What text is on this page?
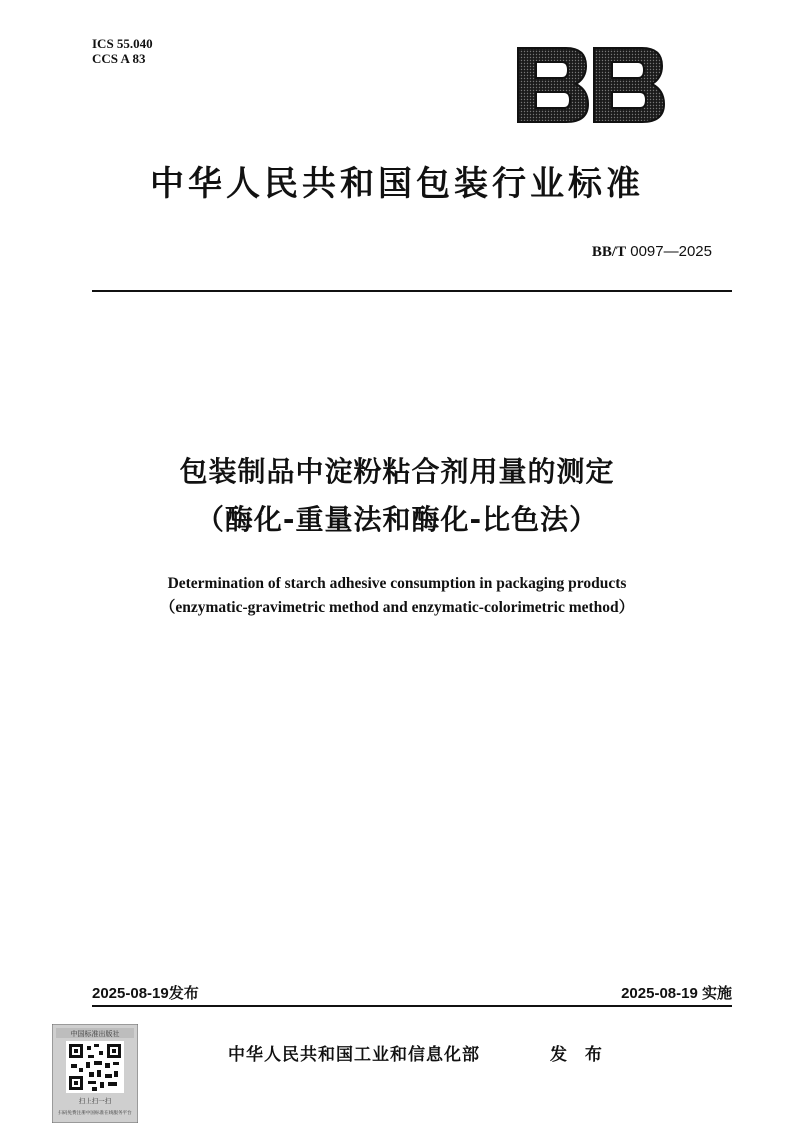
ICS 55.040
CCS A 83
中华人民共和国包装行业标准
BB/T 0097—2025
包装制品中淀粉粘合剂用量的测定
（酶化-重量法和酶化-比色法）
Determination of starch adhesive consumption in packaging products
（enzymatic-gravimetric method and enzymatic-colorimetric method）
2025-08-19发布	2025-08-19 实施
中华人民共和国工业和信息化部	发 布
中国标准出版社
扫上扫一扫
扫码免费注册中国标准在线服务平台
